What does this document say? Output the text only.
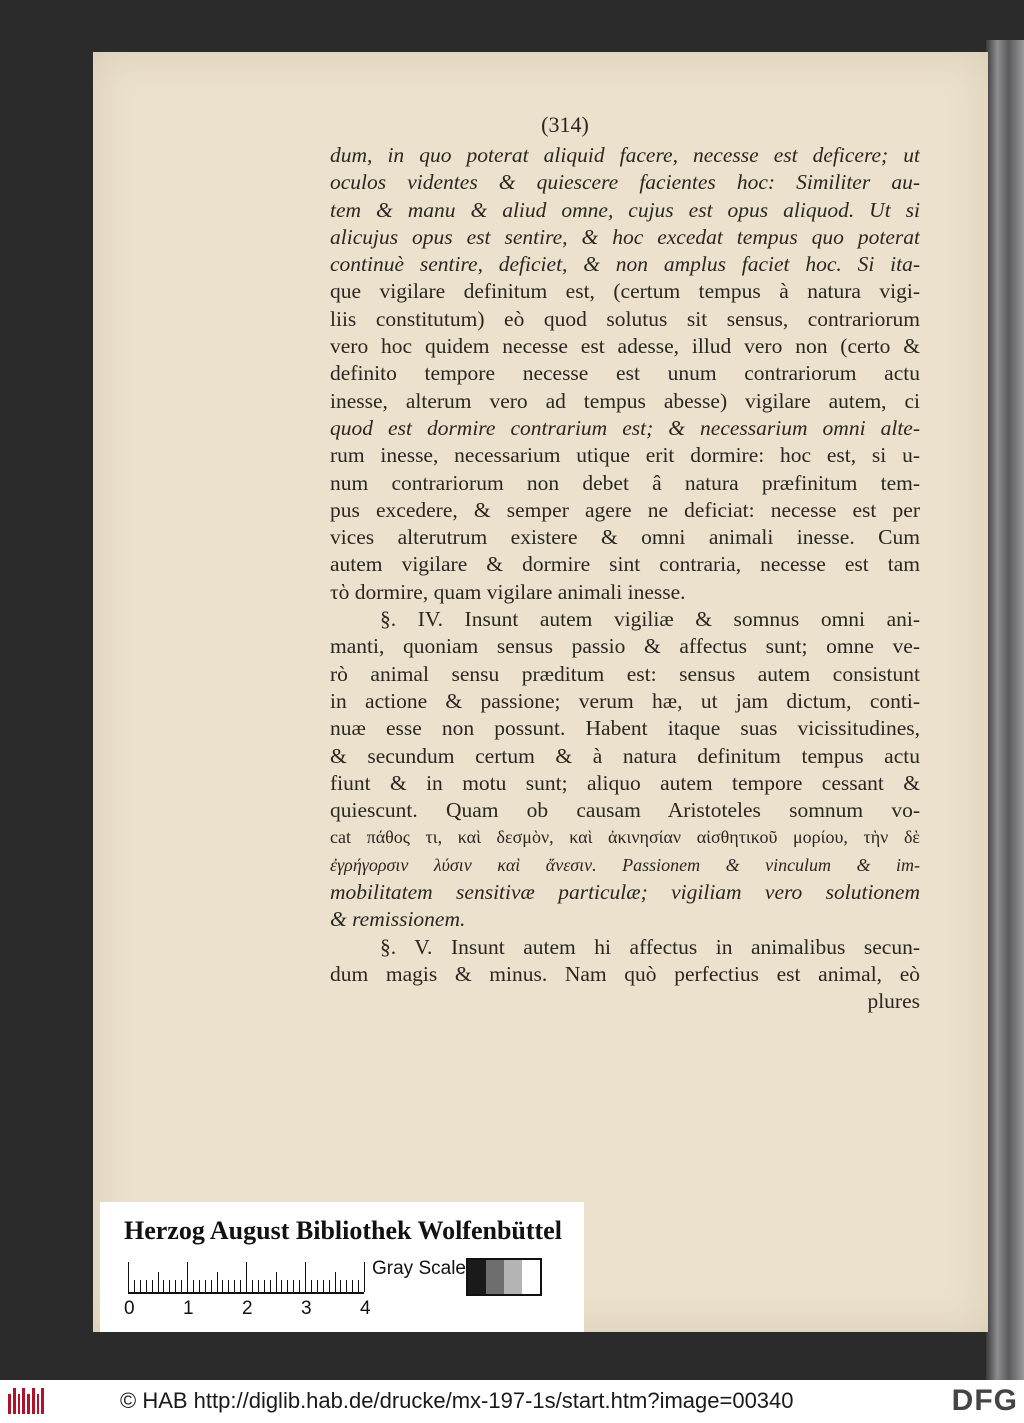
(314)
dum, in quo poterat aliquid facere, necesse est deficere; ut
oculos videntes & quiescere facientes hoc: Similiter au-
tem & manu & aliud omne, cujus est opus aliquod. Ut si
alicujus opus est sentire, & hoc excedat tempus quo poterat
continuè sentire, deficiet, & non amplus faciet hoc. Si ita-
que vigilare definitum est, (certum tempus à natura vigi-
liis constitutum) eò quod solutus sit sensus, contrariorum
vero hoc quidem necesse est adesse, illud vero non (certo &
definito tempore necesse est unum contrariorum actu
inesse, alterum vero ad tempus abesse) vigilare autem, ci
quod est dormire contrarium est; & necessarium omni alte-
rum inesse, necessarium utique erit dormire: hoc est, si u-
num contrariorum non debet â natura præfinitum tem-
pus excedere, & semper agere ne deficiat: necesse est per
vices alterutrum existere & omni animali inesse. Cum
autem vigilare & dormire sint contraria, necesse est tam
τὸ dormire, quam vigilare animali inesse.
§. IV. Insunt autem vigiliæ & somnus omni ani-
manti, quoniam sensus passio & affectus sunt; omne ve-
rò animal sensu præditum est: sensus autem consistunt
in actione & passione; verum hæ, ut jam dictum, conti-
nuæ esse non possunt. Habent itaque suas vicissitudines,
& secundum certum & à natura definitum tempus actu
fiunt & in motu sunt; aliquo autem tempore cessant &
quiescunt. Quam ob causam Aristoteles somnum vo-
cat πάθος τι, καὶ δεσμὸν, καὶ ἀκινησίαν αἰσθητικοῦ μορίου, τὴν δὲ
ἐγρήγορσιν λύσιν καὶ ἄνεσιν. Passionem & vinculum & im-
mobilitatem sensitivæ particulæ; vigiliam vero solutionem
& remissionem.
§. V. Insunt autem hi affectus in animalibus secun-
dum magis & minus. Nam quò perfectius est animal, eò
plures
Herzog August Bibliothek Wolfenbüttel
0	1	2	3	4
Gray Scale
© HAB http://diglib.hab.de/drucke/mx-197-1s/start.htm?image=00340	DFG
